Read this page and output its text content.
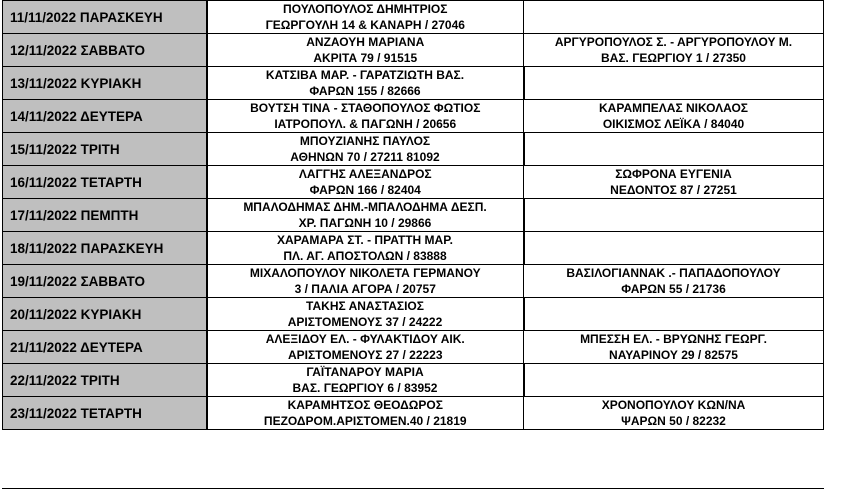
11/11/2022 ΠΑΡΑΣΚΕΥΗ	ΠΟΥΛΟΠΟΥΛΟΣ ΔΗΜΗΤΡΙΟΣ
ΓΕΩΡΓΟΥΛΗ 14 & ΚΑΝΑΡΗ / 27046	

12/11/2022 ΣΑΒΒΑΤΟ	ΑΝΖΑΟΥΗ ΜΑΡΙΑΝΑ
ΑΚΡΙΤΑ 79 / 91515	ΑΡΓΥΡΟΠΟΥΛΟΣ Σ. - ΑΡΓΥΡΟΠΟΥΛΟΥ Μ.
ΒΑΣ. ΓΕΩΡΓΙΟΥ 1 / 27350

13/11/2022 ΚΥΡΙΑΚΗ	ΚΑΤΣΙΒΑ ΜΑΡ. - ΓΑΡΑΤΖΙΩΤΗ ΒΑΣ.
ΦΑΡΩΝ 155 / 82666	

14/11/2022 ΔΕΥΤΕΡΑ	ΒΟΥΤΣΗ ΤΙΝΑ - ΣΤΑΘΟΠΟΥΛΟΣ ΦΩΤΙΟΣ
ΙΑΤΡΟΠΟΥΛ. & ΠΑΓΩΝΗ / 20656	ΚΑΡΑΜΠΕΛΑΣ ΝΙΚΟΛΑΟΣ
ΟΙΚΙΣΜΟΣ ΛΕΪΚΑ / 84040

15/11/2022 ΤΡΙΤΗ	ΜΠΟΥΖΙΑΝΗΣ ΠΑΥΛΟΣ
ΑΘΗΝΩΝ 70 / 27211 81092	

16/11/2022 ΤΕΤΑΡΤΗ	ΛΑΓΓΗΣ ΑΛΕΞΑΝΔΡΟΣ
ΦΑΡΩΝ 166 / 82404	ΣΩΦΡΟΝΑ ΕΥΓΕΝΙΑ
ΝΕΔΟΝΤΟΣ 87 / 27251

17/11/2022 ΠΕΜΠΤΗ	ΜΠΑΛΟΔΗΜΑΣ ΔΗΜ.-ΜΠΑΛΟΔΗΜΑ ΔΕΣΠ.
ΧΡ. ΠΑΓΩΝΗ 10 / 29866	

18/11/2022 ΠΑΡΑΣΚΕΥΗ	ΧΑΡΑΜΑΡΑ ΣΤ. - ΠΡΑΤΤΗ ΜΑΡ.
ΠΛ. ΑΓ. ΑΠΟΣΤΟΛΩΝ / 83888	

19/11/2022 ΣΑΒΒΑΤΟ	ΜΙΧΑΛΟΠΟΥΛΟΥ ΝΙΚΟΛΕΤΑ ΓΕΡΜΑΝΟΥ
3 / ΠΑΛΙΑ ΑΓΟΡΑ / 20757	ΒΑΣΙΛΟΓΙΑΝΝΑΚ .- ΠΑΠΑΔΟΠΟΥΛΟΥ
ΦΑΡΩΝ 55 / 21736

20/11/2022 ΚΥΡΙΑΚΗ	ΤΑΚΗΣ ΑΝΑΣΤΑΣΙΟΣ
ΑΡΙΣΤΟΜΕΝΟΥΣ 37 / 24222	

21/11/2022 ΔΕΥΤΕΡΑ	ΑΛΕΞΙΔΟΥ ΕΛ. - ΦΥΛΑΚΤΙΔΟΥ ΑΙΚ.
ΑΡΙΣΤΟΜΕΝΟΥΣ 27 / 22223	ΜΠΕΣΣΗ ΕΛ. - ΒΡΥΩΝΗΣ ΓΕΩΡΓ.
ΝΑΥΑΡΙΝΟΥ 29 / 82575

22/11/2022 ΤΡΙΤΗ	ΓΑΪΤΑΝΑΡΟΥ ΜΑΡΙΑ
ΒΑΣ. ΓΕΩΡΓΙΟΥ 6 / 83952	

23/11/2022 ΤΕΤΑΡΤΗ	ΚΑΡΑΜΗΤΣΟΣ ΘΕΟΔΩΡΟΣ
ΠΕΖΟΔΡΟΜ.ΑΡΙΣΤΟΜΕΝ.40 / 21819	ΧΡΟΝΟΠΟΥΛΟΥ ΚΩΝ/ΝΑ
ΨΑΡΩΝ 50 / 82232
